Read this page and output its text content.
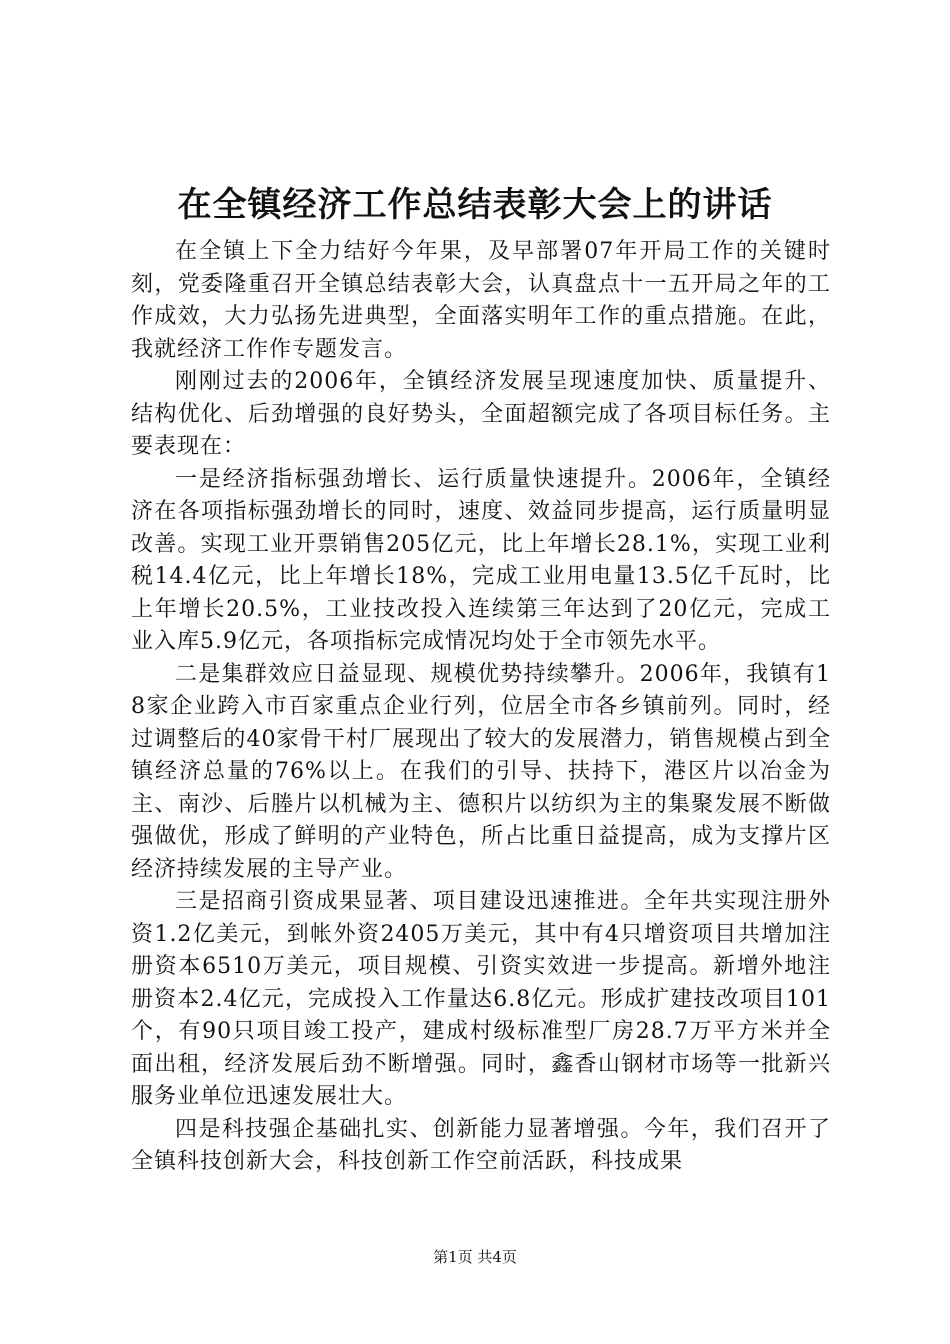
在全镇经济工作总结表彰大会上的讲话

在全镇上下全力结好今年果，及早部署07年开局工作的关键时刻，党委隆重召开全镇总结表彰大会，认真盘点十一五开局之年的工作成效，大力弘扬先进典型，全面落实明年工作的重点措施。在此，我就经济工作作专题发言。

刚刚过去的2006年，全镇经济发展呈现速度加快、质量提升、结构优化、后劲增强的良好势头，全面超额完成了各项目标任务。主要表现在：

一是经济指标强劲增长、运行质量快速提升。2006年，全镇经济在各项指标强劲增长的同时，速度、效益同步提高，运行质量明显改善。实现工业开票销售205亿元，比上年增长28.1%，实现工业利税14.4亿元，比上年增长18%，完成工业用电量13.5亿千瓦时，比上年增长20.5%，工业技改投入连续第三年达到了20亿元，完成工业入库5.9亿元，各项指标完成情况均处于全市领先水平。

二是集群效应日益显现、规模优势持续攀升。2006年，我镇有18家企业跨入市百家重点企业行列，位居全市各乡镇前列。同时，经过调整后的40家骨干村厂展现出了较大的发展潜力，销售规模占到全镇经济总量的76%以上。在我们的引导、扶持下，港区片以冶金为主、南沙、后塍片以机械为主、德积片以纺织为主的集聚发展不断做强做优，形成了鲜明的产业特色，所占比重日益提高，成为支撑片区经济持续发展的主导产业。

三是招商引资成果显著、项目建设迅速推进。全年共实现注册外资1.2亿美元，到帐外资2405万美元，其中有4只增资项目共增加注册资本6510万美元，项目规模、引资实效进一步提高。新增外地注册资本2.4亿元，完成投入工作量达6.8亿元。形成扩建技改项目101个，有90只项目竣工投产，建成村级标准型厂房28.7万平方米并全面出租，经济发展后劲不断增强。同时，鑫香山钢材市场等一批新兴服务业单位迅速发展壮大。

四是科技强企基础扎实、创新能力显著增强。今年，我们召开了全镇科技创新大会，科技创新工作空前活跃，科技成果

第1页 共4页
